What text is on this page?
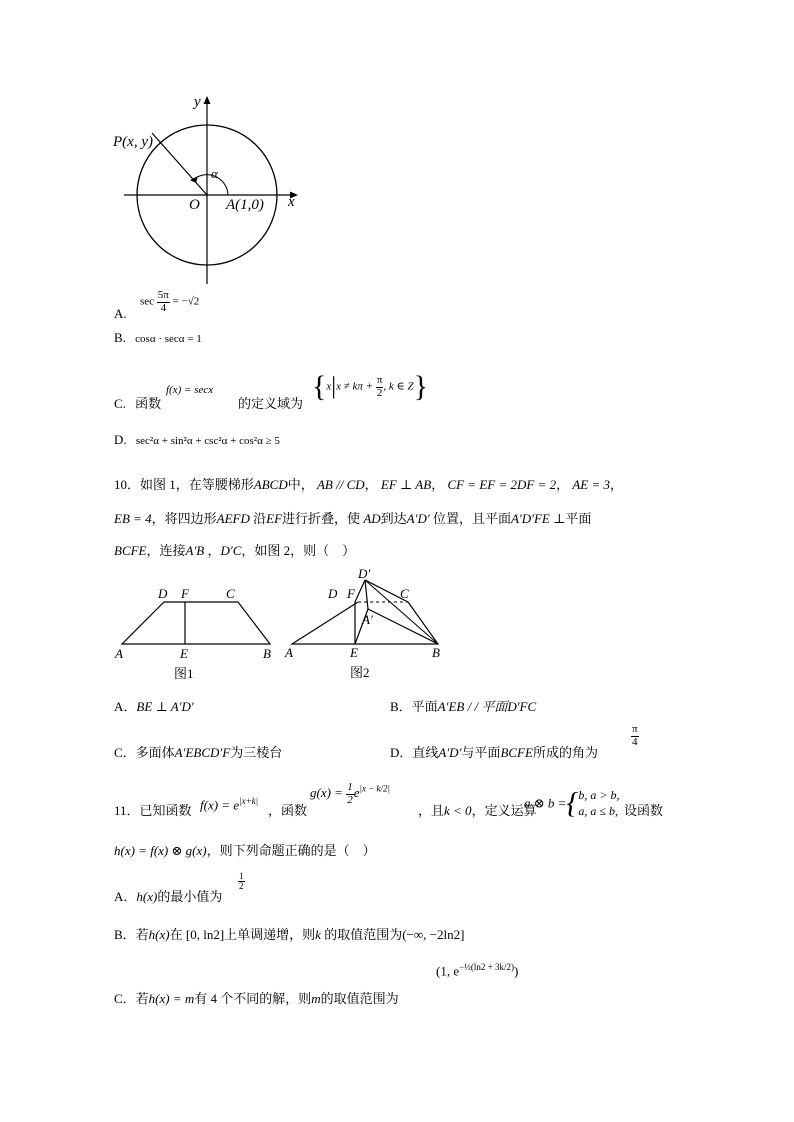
P(x, y)
y
x
O A(1,0)
α
A.
$\sec \frac{5\pi}{4} = -√2$
B. cosα · secα = 1
C. 函数
f(x) = secx
的定义域为
{$x|x \ne k\pi + \frac{\pi}{2}$ , k ∈ Z}
D. sec²α + sin²α + csc²α + cos²α ≥ 5
10．如图 1，在等腰梯形ABCD中， AB // CD， EF ⊥ AB， CF = EF = 2DF = 2， AE = 3，
EB = 4，将四边形AEFD 沿EF进行折叠，使 AD到达A′D′ 位置，且平面A′D′FE ⊥平面
BCFE，连接A′B ，D′C，如图 2，则（　）
D F	C
A	E	B
图1
D′
D F	C
A′
A	E	B
图2
A．BE ⊥ A′D′	B．平面A′EB / / 平面D′FC
C．多面体A′EBCD′F为三棱台	D．直线A′D′与平面BCFE所成的角为
$\frac{\pi}{4}$
11．已知函数 $f(x) = e^{|x+k|}$
，函数
$g(x) = \frac{1}{2} e^{|x - k/2|}$
，且k < 0，定义运算
a ⊗ b ={ b, a > b,
a, a ≤ b, 设函数
h(x) = f(x) ⊗ g(x)，则下列命题正确的是（　）
A．h(x)的最小值为
$\frac{1}{2}$
B．若h(x)在 [0, ln2]上单调递增，则k 的取值范围为(−∞, −2ln2]
C．若h(x) = m有 4 个不同的解，则m的取值范围为
(1, $e^{-\frac{1}{2}(ln2 + 3k/2)}$)
